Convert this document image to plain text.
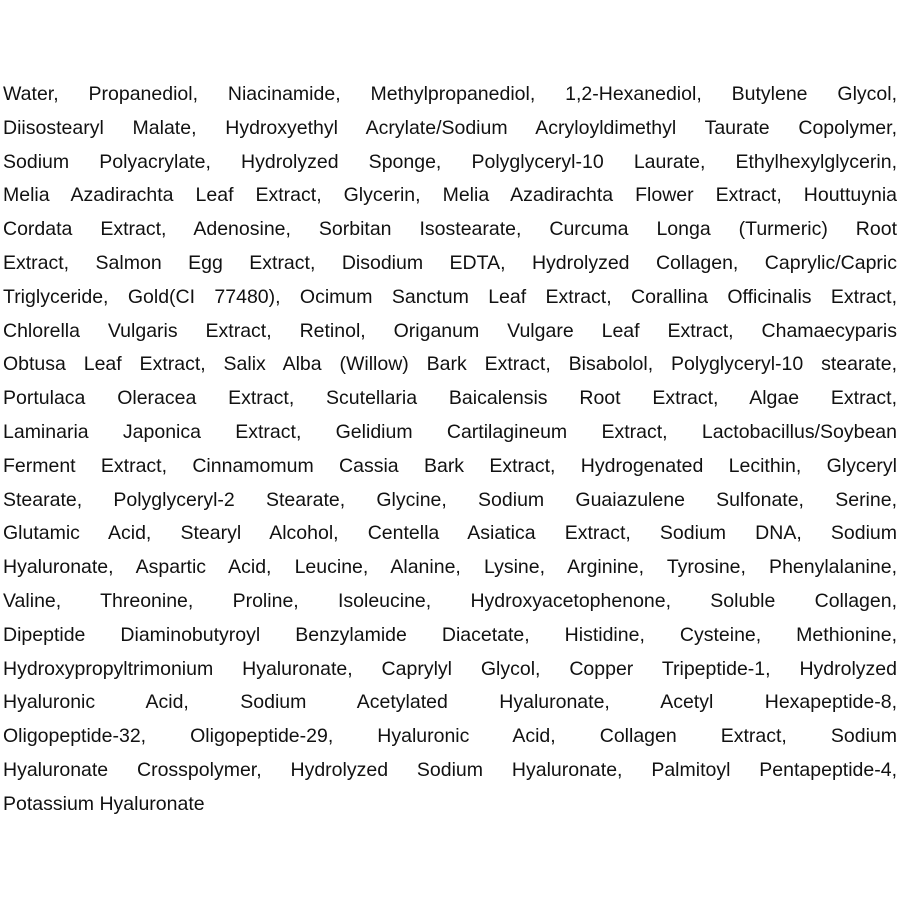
Water, Propanediol, Niacinamide, Methylpropanediol, 1,2-Hexanediol, Butylene Glycol,
Diisostearyl Malate, Hydroxyethyl Acrylate/Sodium Acryloyldimethyl Taurate Copolymer,
Sodium Polyacrylate, Hydrolyzed Sponge, Polyglyceryl-10 Laurate, Ethylhexylglycerin,
Melia Azadirachta Leaf Extract, Glycerin, Melia Azadirachta Flower Extract, Houttuynia
Cordata Extract, Adenosine, Sorbitan Isostearate, Curcuma Longa (Turmeric) Root
Extract, Salmon Egg Extract, Disodium EDTA, Hydrolyzed Collagen, Caprylic/Capric
Triglyceride, Gold(CI 77480), Ocimum Sanctum Leaf Extract, Corallina Officinalis Extract,
Chlorella Vulgaris Extract, Retinol, Origanum Vulgare Leaf Extract, Chamaecyparis
Obtusa Leaf Extract, Salix Alba (Willow) Bark Extract, Bisabolol, Polyglyceryl-10 stearate,
Portulaca Oleracea Extract, Scutellaria Baicalensis Root Extract, Algae Extract,
Laminaria Japonica Extract, Gelidium Cartilagineum Extract, Lactobacillus/Soybean
Ferment Extract, Cinnamomum Cassia Bark Extract, Hydrogenated Lecithin, Glyceryl
Stearate, Polyglyceryl-2 Stearate, Glycine, Sodium Guaiazulene Sulfonate, Serine,
Glutamic Acid, Stearyl Alcohol, Centella Asiatica Extract, Sodium DNA, Sodium
Hyaluronate, Aspartic Acid, Leucine, Alanine, Lysine, Arginine, Tyrosine, Phenylalanine,
Valine, Threonine, Proline, Isoleucine, Hydroxyacetophenone, Soluble Collagen,
Dipeptide Diaminobutyroyl Benzylamide Diacetate, Histidine, Cysteine, Methionine,
Hydroxypropyltrimonium Hyaluronate, Caprylyl Glycol, Copper Tripeptide-1, Hydrolyzed
Hyaluronic Acid, Sodium Acetylated Hyaluronate, Acetyl Hexapeptide-8,
Oligopeptide-32, Oligopeptide-29, Hyaluronic Acid, Collagen Extract, Sodium
Hyaluronate Crosspolymer, Hydrolyzed Sodium Hyaluronate, Palmitoyl Pentapeptide-4,
Potassium Hyaluronate
